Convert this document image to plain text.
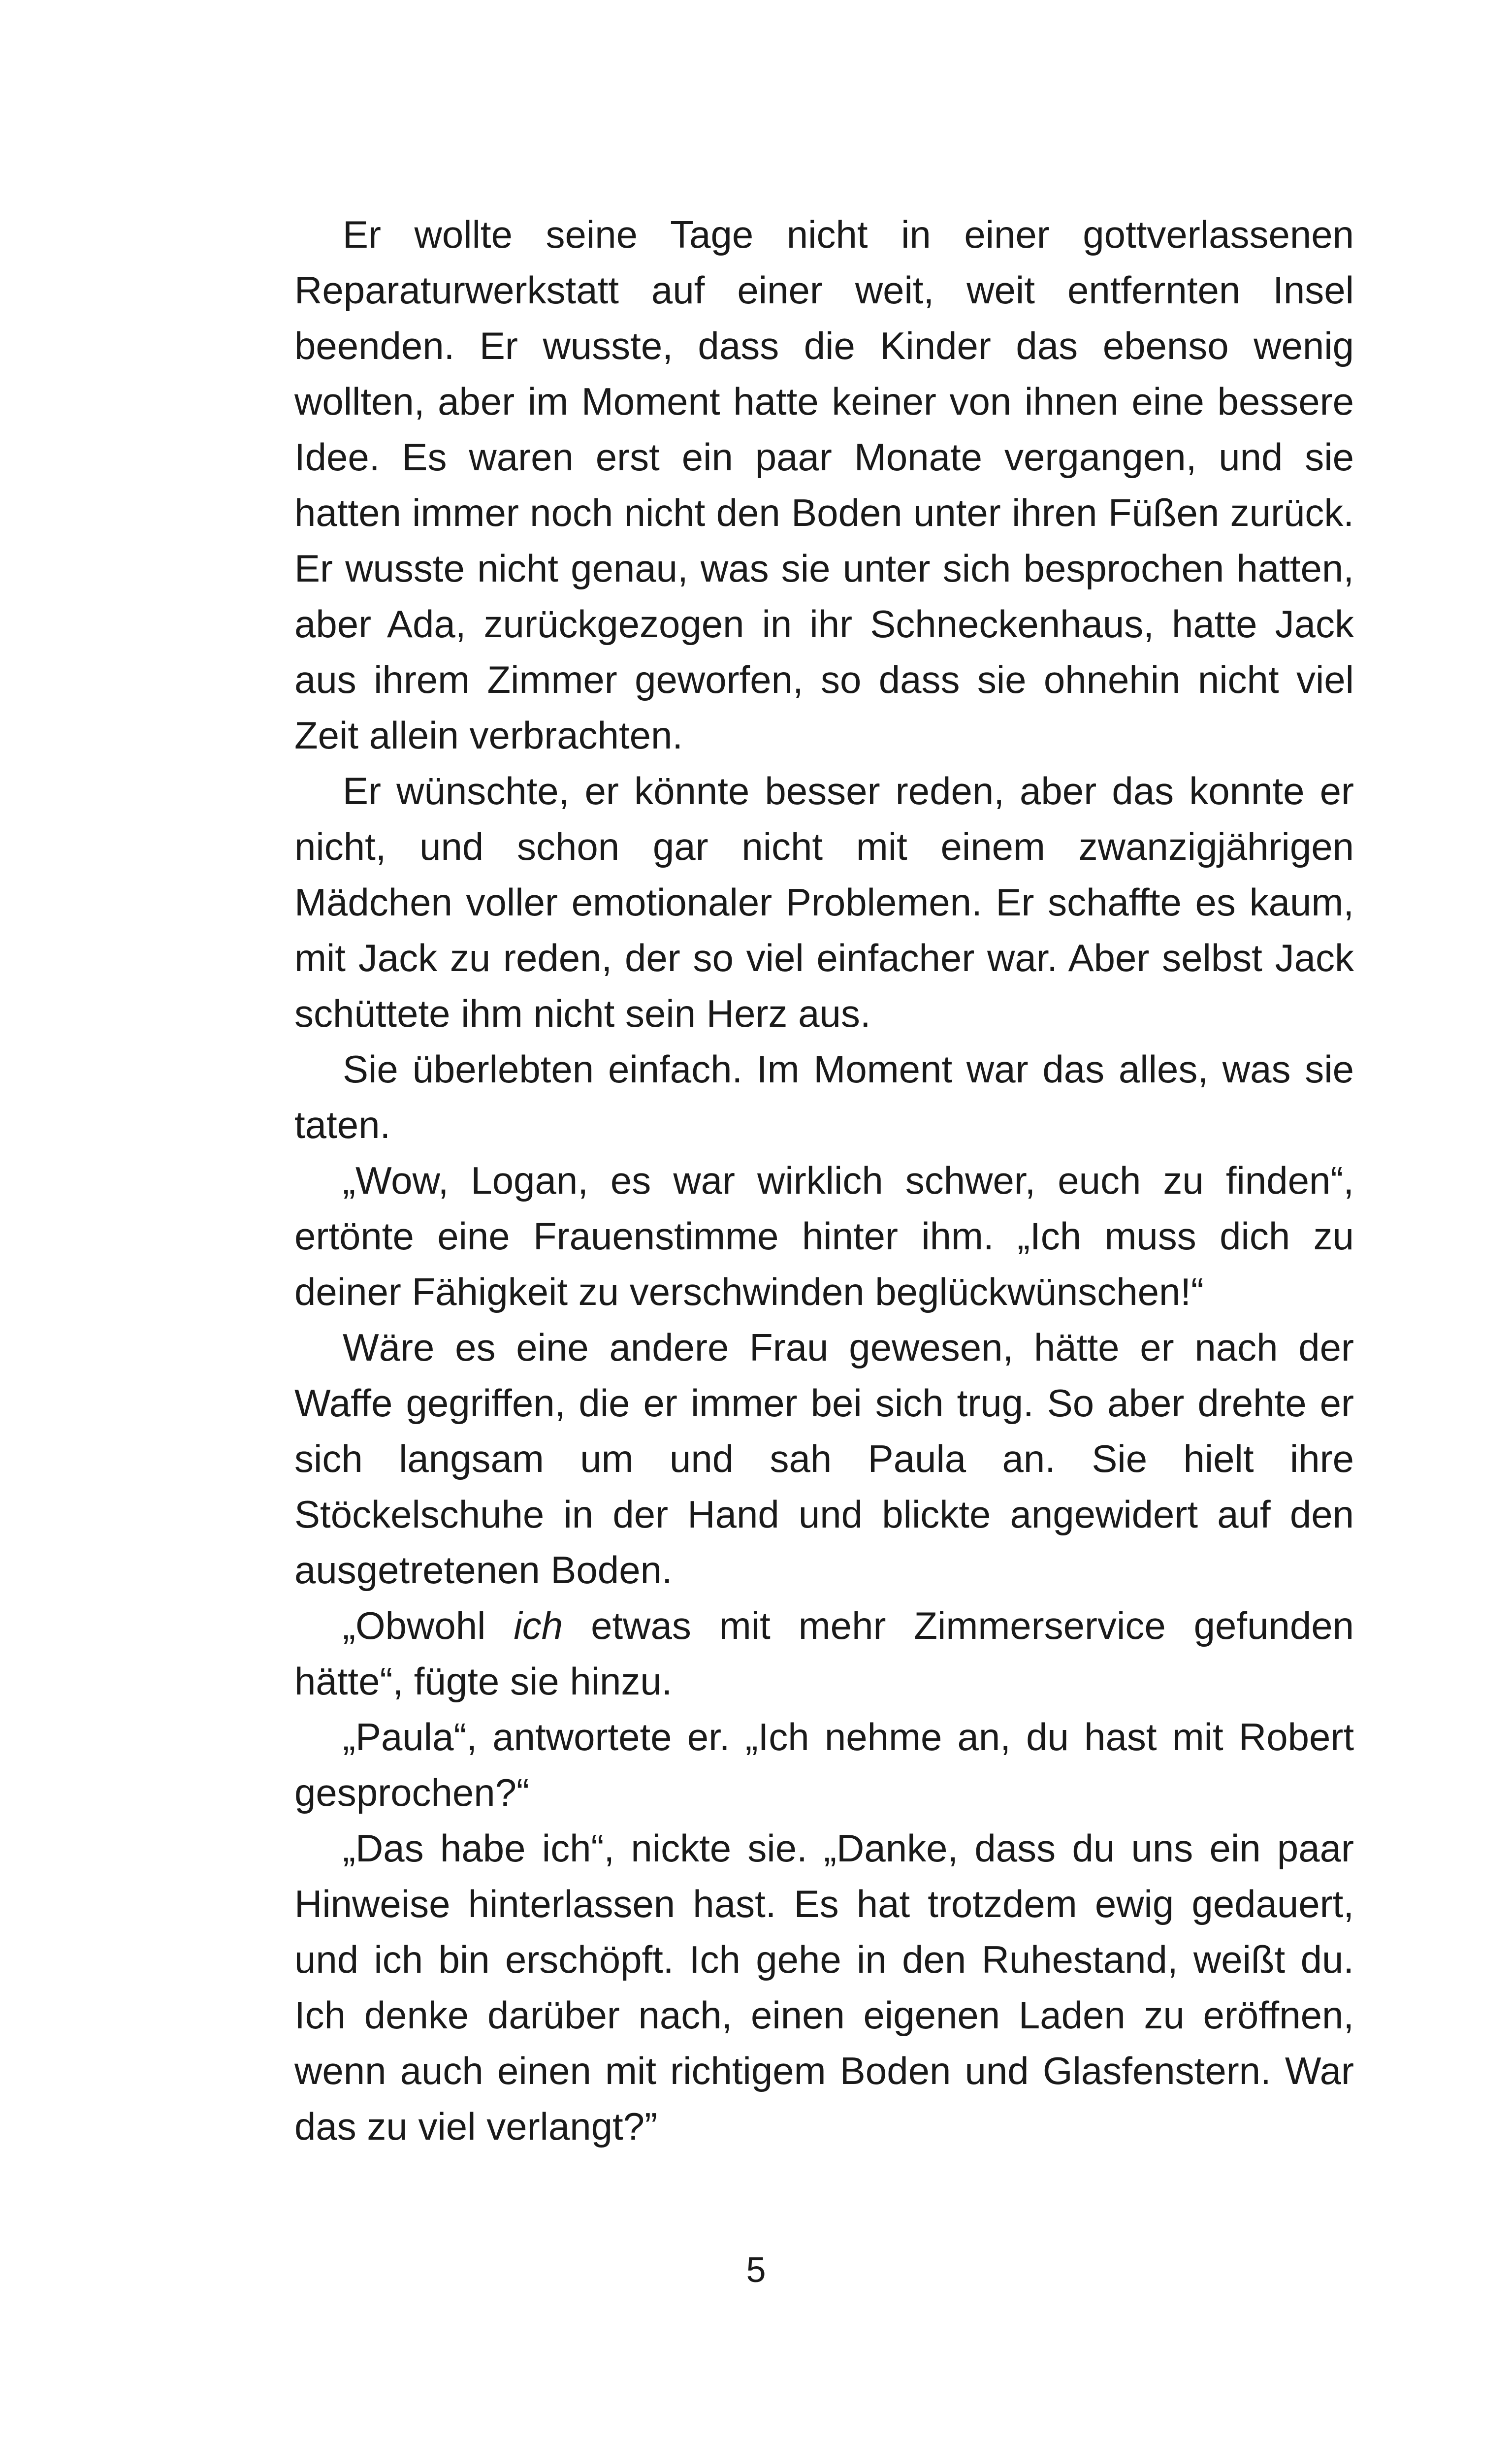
Er wollte seine Tage nicht in einer gottverlassenen Reparaturwerkstatt auf einer weit, weit entfernten Insel beenden. Er wusste, dass die Kinder das ebenso wenig wollten, aber im Moment hatte keiner von ihnen eine bessere Idee. Es waren erst ein paar Monate vergangen, und sie hatten immer noch nicht den Boden unter ihren Füßen zurück. Er wusste nicht genau, was sie unter sich besprochen hatten, aber Ada, zurückgezogen in ihr Schneckenhaus, hatte Jack aus ihrem Zimmer geworfen, so dass sie ohnehin nicht viel Zeit allein verbrachten.

Er wünschte, er könnte besser reden, aber das konnte er nicht, und schon gar nicht mit einem zwanzigjährigen Mädchen voller emotionaler Problemen. Er schaffte es kaum, mit Jack zu reden, der so viel einfacher war. Aber selbst Jack schüttete ihm nicht sein Herz aus.

Sie überlebten einfach. Im Moment war das alles, was sie taten.

„Wow, Logan, es war wirklich schwer, euch zu finden“, ertönte eine Frauenstimme hinter ihm. „Ich muss dich zu deiner Fähigkeit zu verschwinden beglückwünschen!“

Wäre es eine andere Frau gewesen, hätte er nach der Waffe gegriffen, die er immer bei sich trug. So aber drehte er sich langsam um und sah Paula an. Sie hielt ihre Stöckelschuhe in der Hand und blickte angewidert auf den ausgetretenen Boden.

„Obwohl ich etwas mit mehr Zimmerservice gefunden hätte“, fügte sie hinzu.

„Paula“, antwortete er. „Ich nehme an, du hast mit Robert gesprochen?“

„Das habe ich“, nickte sie. „Danke, dass du uns ein paar Hinweise hinterlassen hast. Es hat trotzdem ewig gedauert, und ich bin erschöpft. Ich gehe in den Ruhestand, weißt du. Ich denke darüber nach, einen eigenen Laden zu eröffnen, wenn auch einen mit richtigem Boden und Glasfenstern. War das zu viel verlangt?”

5
